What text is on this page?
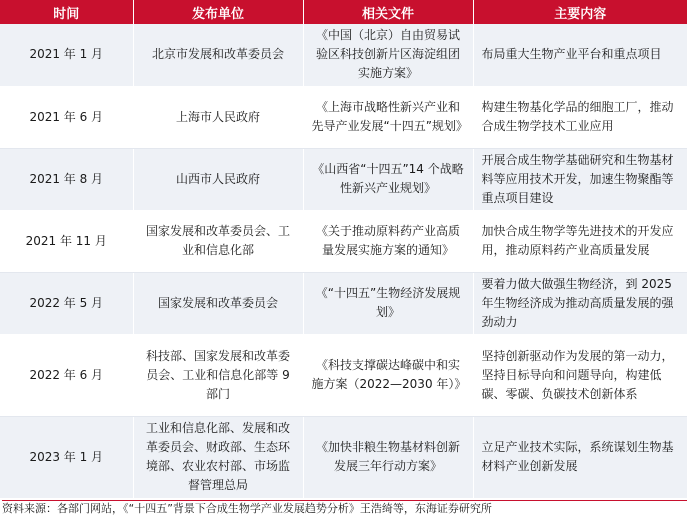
时间	发布单位	相关文件	主要内容
2021 年 1 月	北京市发展和改革委员会	《中国（北京）自由贸易试验区科技创新片区海淀组团实施方案》	布局重大生物产业平台和重点项目
2021 年 6 月	上海市人民政府	《上海市战略性新兴产业和先导产业发展“十四五”规划》	构建生物基化学品的细胞工厂，推动合成生物学技术工业应用
2021 年 8 月	山西市人民政府	《山西省“十四五”14 个战略性新兴产业规划》	开展合成生物学基础研究和生物基材料等应用技术开发，加速生物聚酯等重点项目建设
2021 年 11 月	国家发展和改革委员会、工业和信息化部	《关于推动原料药产业高质量发展实施方案的通知》	加快合成生物学等先进技术的开发应用，推动原料药产业高质量发展
2022 年 5 月	国家发展和改革委员会	《“十四五”生物经济发展规划》	要着力做大做强生物经济，到 2025 年生物经济成为推动高质量发展的强劲动力
2022 年 6 月	科技部、国家发展和改革委员会、工业和信息化部等 9 部门	《科技支撑碳达峰碳中和实施方案（2022—2030 年）》	坚持创新驱动作为发展的第一动力，坚持目标导向和问题导向，构建低碳、零碳、负碳技术创新体系
2023 年 1 月	工业和信息化部、发展和改革委员会、财政部、生态环境部、农业农村部、市场监督管理总局	《加快非粮生物基材料创新发展三年行动方案》	立足产业技术实际，系统谋划生物基材料产业创新发展
资料来源：各部门网站，《“十四五”背景下合成生物学产业发展趋势分析》王浩绮等，东海证券研究所
